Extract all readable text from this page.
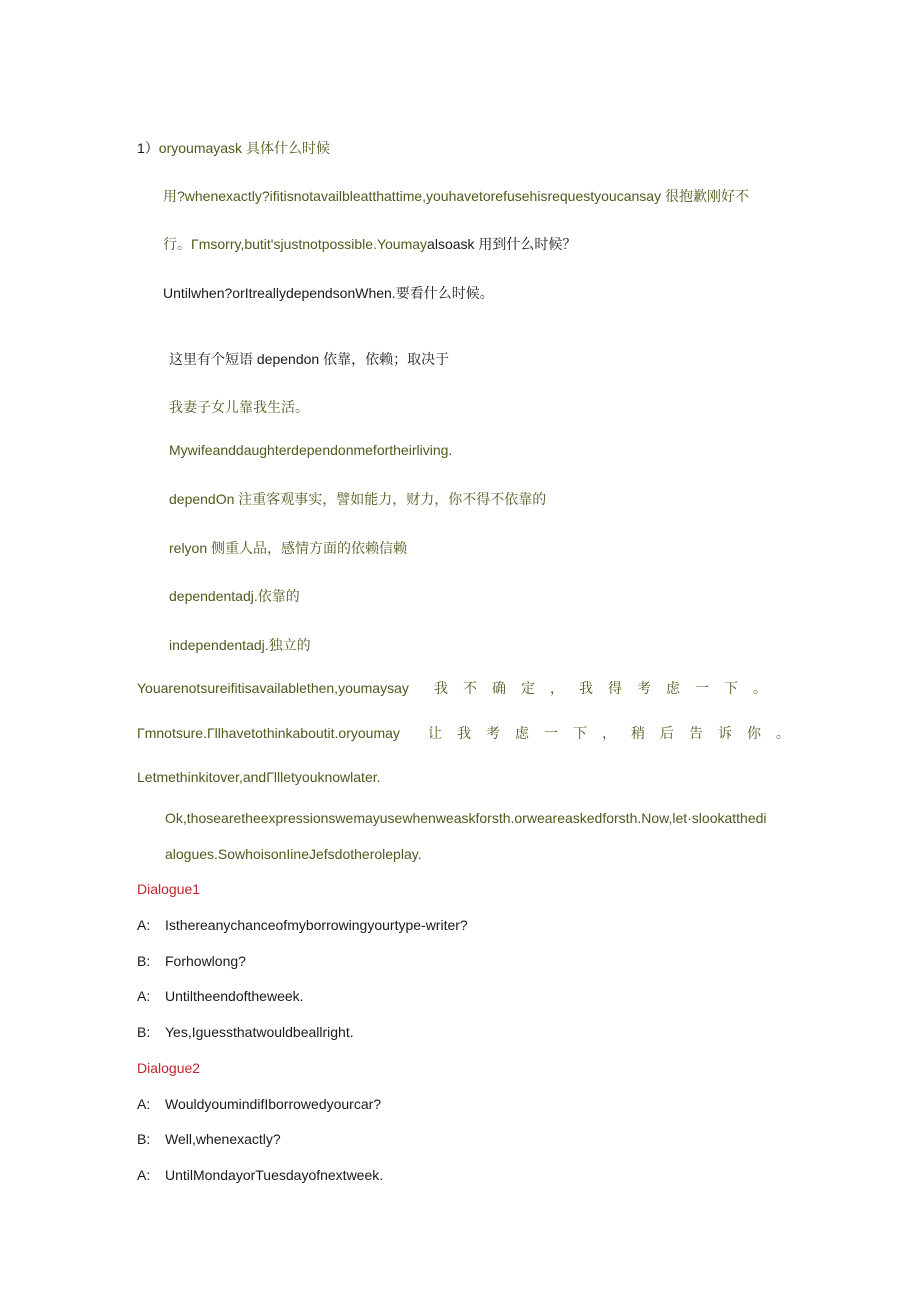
1）oryoumayask 具体什么时候
用?whenexactly?ifitisnotavailbleatthattime,youhavetorefusehisrequestyoucansay 很抱歉刚好不
行。Γmsorry,butit'sjustnotpossible.Youmayalsoask 用到什么时候？
Untilwhen?orItreallydependsonWhen.要看什么时候。
这里有个短语 dependon 依靠，依赖；取决于
我妻子女儿靠我生活。
Mywifeanddaughterdependonmefortheirliving.
dependOn 注重客观事实，譬如能力，财力，你不得不依靠的
relyon 侧重人品，感情方面的依赖信赖
dependentadj.依靠的
independentadj.独立的
Youarenotsureifitisavailablethen,youmaysay 我不确定，我得考虑一下。
Γmnotsure.Γllhavetothinkaboutit.oryoumay 让我考虑一下，稍后告诉你。
Letmethinkitover,andΓllletyouknowlater.
Ok,thosearetheexpressionswemayusewhenweaskforsth.orweareaskedforsth.Now,let·slookatthedi
alogues.SowhoisonIineJefsdotheroleplay.
Dialogue1
A: Isthereanychanceofmyborrowingyourtype-writer?
B: Forhowlong?
A: Untiltheendoftheweek.
B: Yes,Iguessthatwouldbeallright.
Dialogue2
A: WouldyoumindifIborrowedyourcar?
B: Well,whenexactly?
A: UntilMondayorTuesdayofnextweek.
